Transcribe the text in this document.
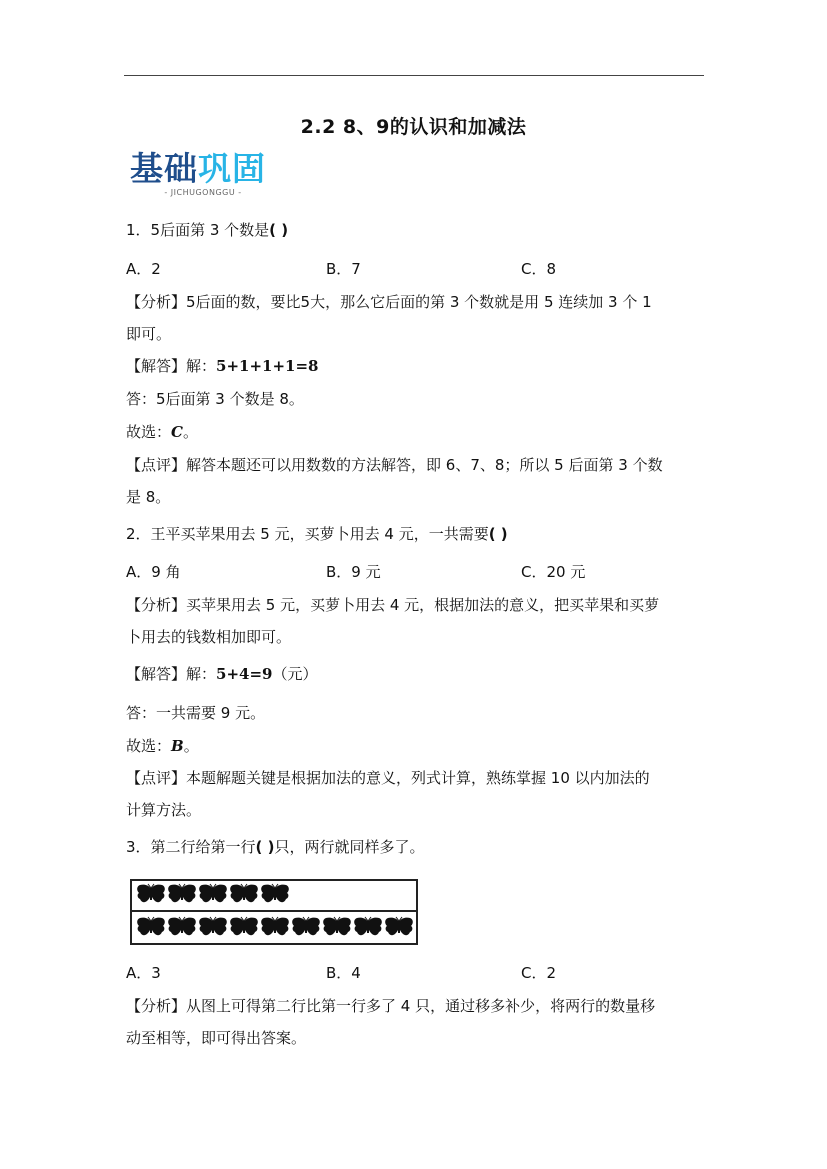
2.2 8、9的认识和加减法
基础巩固
- JICHUGONGGU -
1．5后面第 3 个数是( )
A．2	B．7	C．8
【分析】5后面的数，要比5大，那么它后面的第 3 个数就是用 5 连续加 3 个 1
即可。
【解答】解：5+1+1+1=8
答：5后面第 3 个数是 8。
故选：C。
【点评】解答本题还可以用数数的方法解答，即 6、7、8；所以 5 后面第 3 个数
是 8。
2．王平买苹果用去 5 元，买萝卜用去 4 元，一共需要( )
A．9 角	B．9 元	C．20 元
【分析】买苹果用去 5 元，买萝卜用去 4 元，根据加法的意义，把买苹果和买萝
卜用去的钱数相加即可。
【解答】解：5+4=9（元）
答：一共需要 9 元。
故选：B。
【点评】本题解题关键是根据加法的意义，列式计算，熟练掌握 10 以内加法的
计算方法。
3．第二行给第一行( )只，两行就同样多了。
A．3	B．4	C．2
【分析】从图上可得第二行比第一行多了 4 只，通过移多补少，将两行的数量移
动至相等，即可得出答案。
